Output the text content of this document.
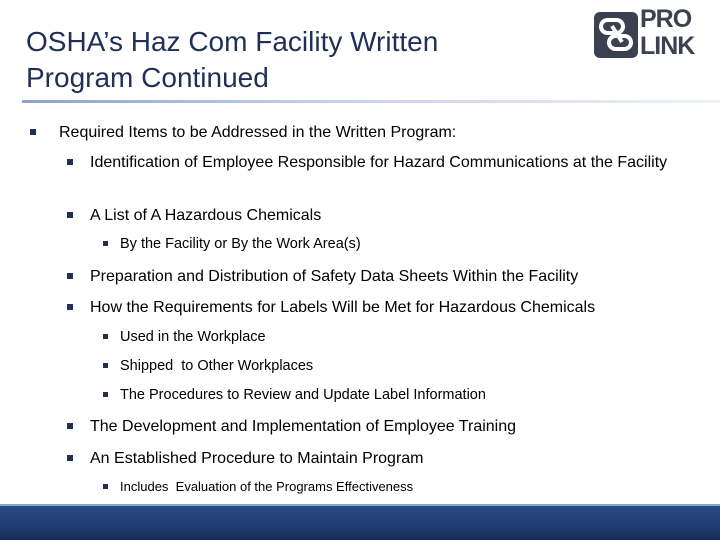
OSHA’s Haz Com Facility Written
Program Continued
PRO
LINK
Required Items to be Addressed in the Written Program:
Identification of Employee Responsible for Hazard Communications at the Facility
A List of A Hazardous Chemicals
By the Facility or By the Work Area(s)
Preparation and Distribution of Safety Data Sheets Within the Facility
How the Requirements for Labels Will be Met for Hazardous Chemicals
Used in the Workplace
Shipped  to Other Workplaces
The Procedures to Review and Update Label Information
The Development and Implementation of Employee Training
An Established Procedure to Maintain Program
Includes  Evaluation of the Programs Effectiveness
